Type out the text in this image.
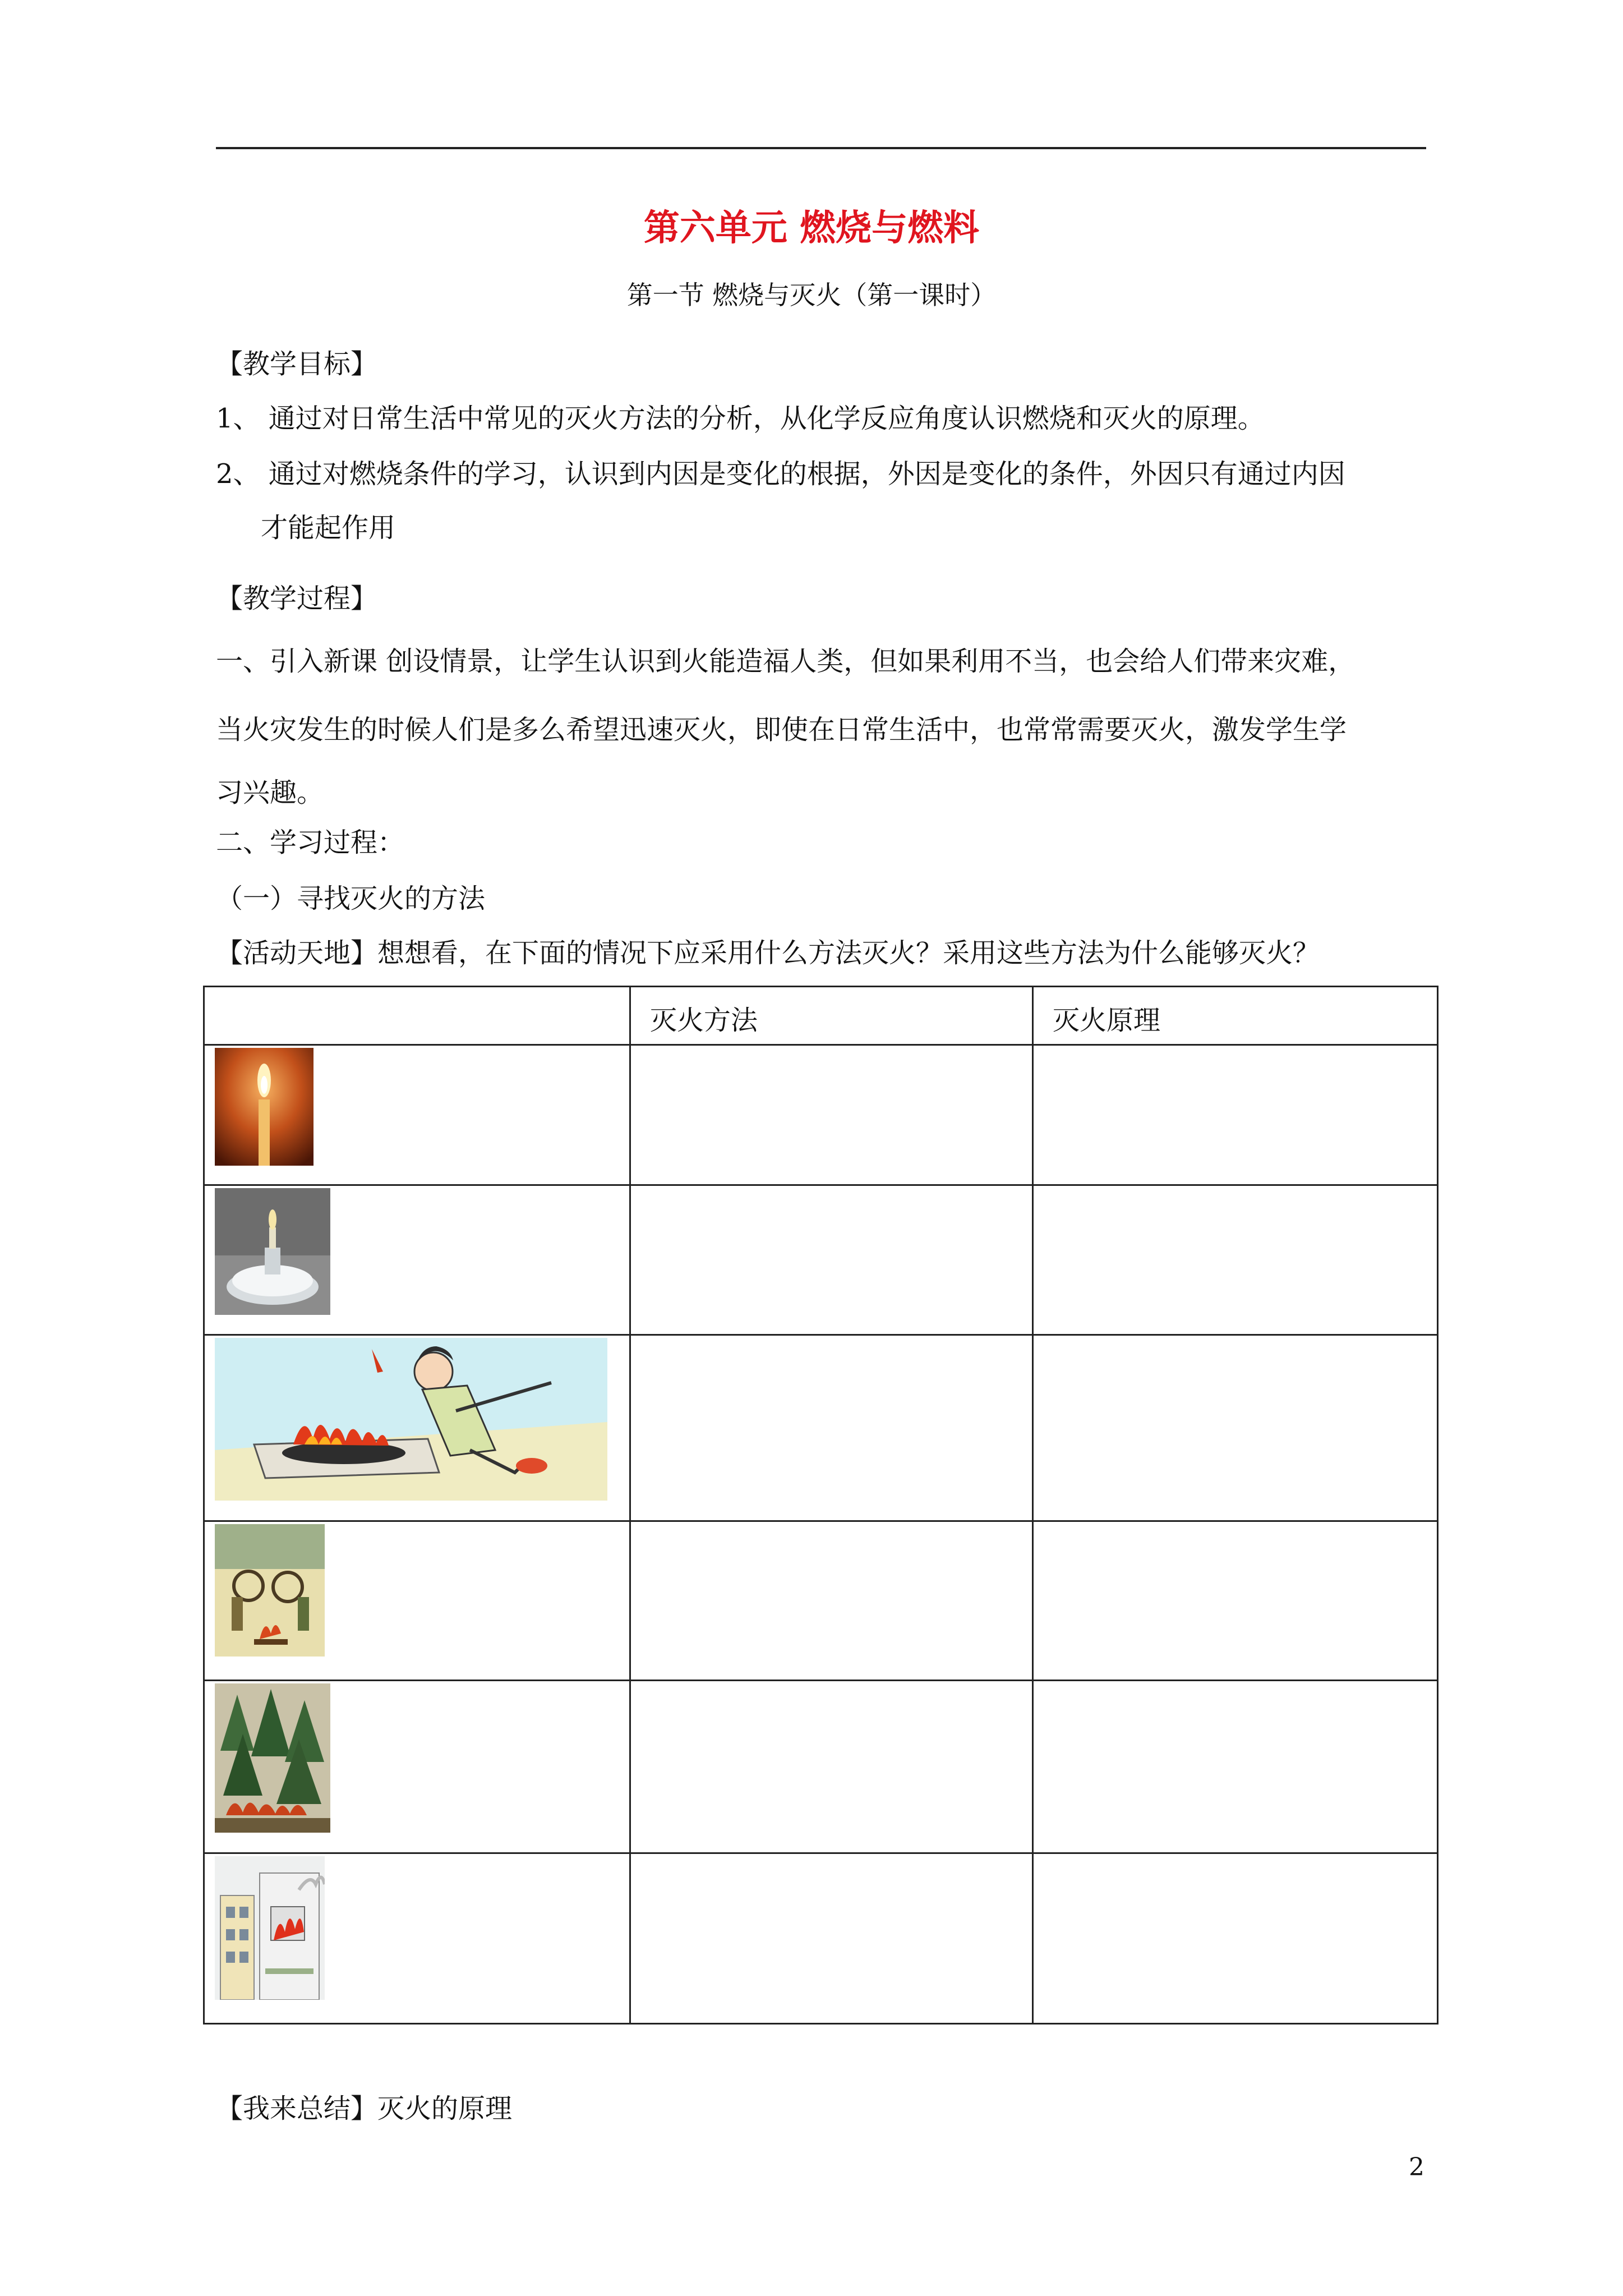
第六单元 燃烧与燃料
第一节 燃烧与灭火（第一课时）
【教学目标】
1、 通过对日常生活中常见的灭火方法的分析，从化学反应角度认识燃烧和灭火的原理。
2、 通过对燃烧条件的学习，认识到内因是变化的根据，外因是变化的条件，外因只有通过内因
才能起作用
【教学过程】
一、引入新课 创设情景，让学生认识到火能造福人类，但如果利用不当，也会给人们带来灾难，
当火灾发生的时候人们是多么希望迅速灭火，即使在日常生活中，也常常需要灭火，激发学生学
习兴趣。
二、学习过程：
（一）寻找灭火的方法
【活动天地】想想看，在下面的情况下应采用什么方法灭火？采用这些方法为什么能够灭火？

	灭火方法	灭火原理

【我来总结】灭火的原理
2
